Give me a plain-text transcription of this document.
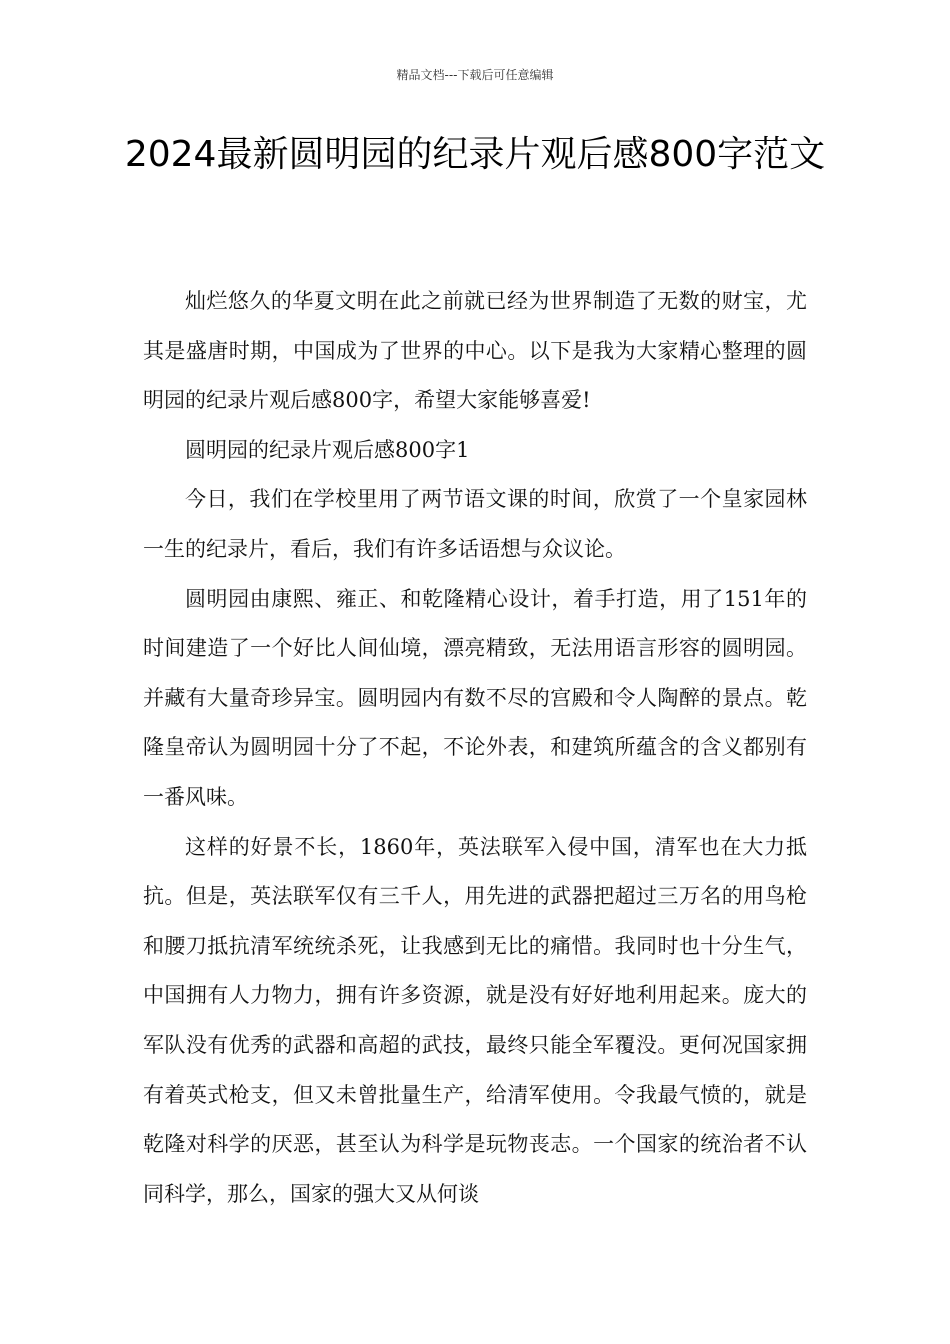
精品文档---下载后可任意编辑
2024最新圆明园的纪录片观后感800字范文

灿烂悠久的华夏文明在此之前就已经为世界制造了无数的财宝，尤其是盛唐时期，中国成为了世界的中心。以下是我为大家精心整理的圆明园的纪录片观后感800字，希望大家能够喜爱!

圆明园的纪录片观后感800字1

今日，我们在学校里用了两节语文课的时间，欣赏了一个皇家园林一生的纪录片，看后，我们有许多话语想与众议论。

圆明园由康熙、雍正、和乾隆精心设计，着手打造，用了151年的时间建造了一个好比人间仙境，漂亮精致，无法用语言形容的圆明园。并藏有大量奇珍异宝。圆明园内有数不尽的宫殿和令人陶醉的景点。乾隆皇帝认为圆明园十分了不起，不论外表，和建筑所蕴含的含义都别有一番风味。

这样的好景不长，1860年，英法联军入侵中国，清军也在大力抵抗。但是，英法联军仅有三千人，用先进的武器把超过三万名的用鸟枪和腰刀抵抗清军统统杀死，让我感到无比的痛惜。我同时也十分生气，中国拥有人力物力，拥有许多资源，就是没有好好地利用起来。庞大的军队没有优秀的武器和高超的武技，最终只能全军覆没。更何况国家拥有着英式枪支，但又未曾批量生产，给清军使用。令我最气愤的，就是乾隆对科学的厌恶，甚至认为科学是玩物丧志。一个国家的统治者不认同科学，那么，国家的强大又从何谈
